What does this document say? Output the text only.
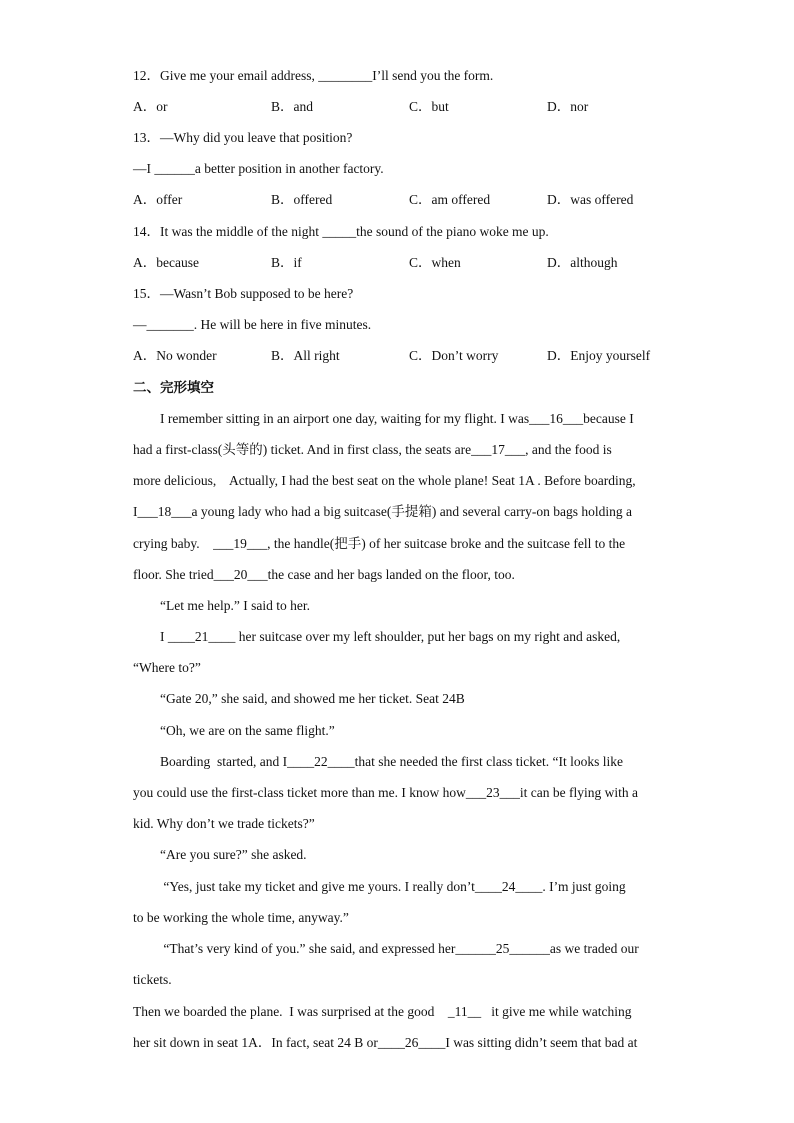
12．Give me your email address, ________I’ll send you the form.
A．or	B．and	C．but	D．nor
13．—Why did you leave that position?
—I ______a better position in another factory.
A．offer	B．offered	C．am offered	D．was offered
14．It was the middle of the night _____the sound of the piano woke me up.
A．because	B．if	C．when	D．although
15．—Wasn’t Bob supposed to be here?
—_______. He will be here in five minutes.
A．No wonder	B．All right	C．Don’t worry	D．Enjoy yourself
二、完形填空
I remember sitting in an airport one day, waiting for my flight. I was___16___because I
had a first-class(头等的) ticket. And in first class, the seats are___17___, and the food is
more delicious,    Actually, I had the best seat on the whole plane! Seat 1A . Before boarding,
I___18___a young lady who had a big suitcase(手提箱) and several carry-on bags holding a
crying baby.    ___19___, the handle(把手) of her suitcase broke and the suitcase fell to the
floor. She tried___20___the case and her bags landed on the floor, too.
“Let me help.” I said to her.
I ____21____ her suitcase over my left shoulder, put her bags on my right and asked,
“Where to?”
“Gate 20,” she said, and showed me her ticket. Seat 24B
“Oh, we are on the same flight.”
Boarding  started, and I____22____that she needed the first class ticket. “It looks like
you could use the first-class ticket more than me. I know how___23___it can be flying with a
kid. Why don’t we trade tickets?”
“Are you sure?” she asked.
“Yes, just take my ticket and give me yours. I really don’t____24____. I’m just going
to be working the whole time, anyway.”
“That’s very kind of you.” she said, and expressed her______25______as we traded our
tickets.
Then we boarded the plane.  I was surprised at the good    _11__   it give me while watching
her sit down in seat 1A．In fact, seat 24 B or____26____I was sitting didn’t seem that bad at
